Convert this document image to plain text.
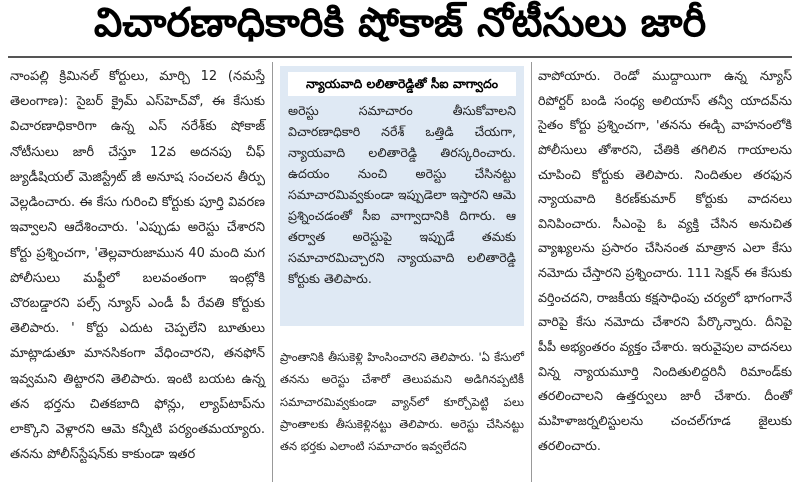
విచారణాధికారికి షోకాజ్ నోటీసులు జారీ

నాంపల్లి క్రిమినల్ కోర్టులు, మార్చి 12 (నమస్తే తెలంగాణ): సైబర్ క్రైమ్ ఎస్‌హెచ్‌వో, ఈ కేసుకు విచారణాధికారిగా ఉన్న ఎస్ నరేశ్‌కు షోకాజ్ నోటీసులు జారీ చేస్తూ 12వ అదనపు చీఫ్ జ్యుడీషియల్ మెజిస్ట్రేట్ జీ అనూష సంచలన తీర్పు వెల్లడించారు. ఈ కేసు గురించి కోర్టుకు పూర్తి వివరణ ఇవ్వాలని ఆదేశించారు. 'ఎప్పుడు అరెస్టు చేశారని కోర్టు ప్రశ్నించగా, 'తెల్లవారుజామున 40 మంది మగ పోలీసులు మఫ్టీలో బలవంతంగా ఇంట్లోకి చొరబడ్డారని పల్స్ న్యూస్ ఎండీ పీ రేవతి కోర్టుకు తెలిపారు. ' కోర్టు ఎదుట చెప్పలేని బూతులు మాట్లాడుతూ మానసికంగా వేధించారని, తనఫోన్ ఇవ్వమని తిట్టారని తెలిపారు. ఇంటి బయట ఉన్న తన భర్తను చితకబాది ఫోన్లు, ల్యాప్‌టాప్‌ను లాక్కొని వెళ్లారని ఆమె కన్నీటి పర్యంతమయ్యారు. తనను పోలీస్‌స్టేషన్‌కు కాకుండా ఇతర

న్యాయవాది లలితారెడ్డితో సీఐ వాగ్వాదం

అరెస్టు సమాచారం తీసుకోవాలని విచారణాధికారి నరేశ్ ఒత్తిడి చేయగా, న్యాయవాది లలితారెడ్డి తిరస్కరించారు. ఉదయం నుంచి అరెస్టు చేసినట్టు సమాచారమివ్వకుండా ఇప్పుడెలా ఇస్తారని ఆమె ప్రశ్నించడంతో సీఐ వాగ్వాదానికి దిగారు. ఆ తర్వాత అరెస్టుపై ఇప్పుడే తమకు సమాచారమిచ్చారని న్యాయవాది లలితారెడ్డి కోర్టుకు తెలిపారు.

ప్రాంతానికి తీసుకెళ్లి హింసించారని తెలిపారు. 'ఏ కేసులో తనను అరెస్టు చేశారో తెలుపమని అడిగినప్పటికీ సమాచారమివ్వకుండా వ్యాన్‌లో కూర్చోపెట్టి పలు ప్రాంతాలకు తీసుకెళ్లినట్టు తెలిపారు. అరెస్టు చేసినట్టు తన భర్తకు ఎలాంటి సమాచారం ఇవ్వలేదని

వాపోయారు. రెండో ముద్దాయిగా ఉన్న న్యూస్ రిపోర్టర్ బండి సంధ్య అలియాస్ తన్వీ యాదవ్‌ను సైతం కోర్టు ప్రశ్నించగా, 'తనను ఈడ్చి వాహనంలోకి పోలీసులు తోశారని, చేతికి తగిలిన గాయాలను చూపించి కోర్టుకు తెలిపారు. నిందితుల తరఫున న్యాయవాది కిరణ్‌కుమార్ కోర్టుకు వాదనలు వినిపించారు. సీఎంపై ఓ వ్యక్తి చేసిన అనుచిత వ్యాఖ్యలను ప్రసారం చేసినంత మాత్రాన ఎలా కేసు నమోదు చేస్తారని ప్రశ్నించారు. 111 సెక్షన్ ఈ కేసుకు వర్తించదని, రాజకీయ కక్షసాధింపు చర్యలో భాగంగానే వారిపై కేసు నమోదు చేశారని పేర్కొన్నారు. దీనిపై పీపీ అభ్యంతరం వ్యక్తం చేశారు. ఇరువైపుల వాదనలు విన్న న్యాయమూర్తి నిందితులిద్దరినీ రిమాండ్‌కు తరలించాలని ఉత్తర్వులు జారీ చేశారు. దీంతో మహిళాజర్నలిస్టులను చంచల్‌గూడ జైలుకు తరలించారు.
